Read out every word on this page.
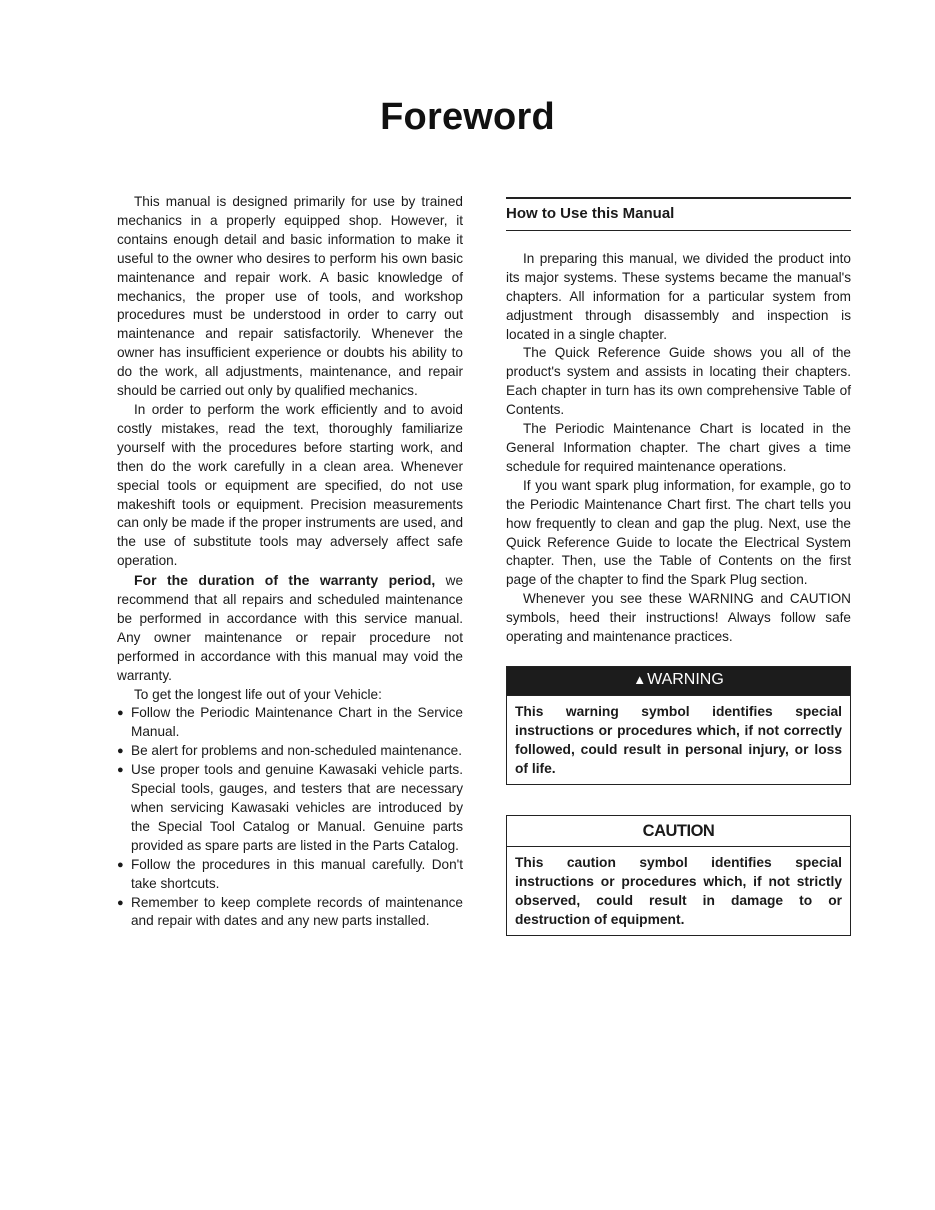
Foreword

This manual is designed primarily for use by trained mechanics in a properly equipped shop. However, it contains enough detail and basic information to make it useful to the owner who desires to perform his own basic maintenance and repair work. A basic knowledge of mechanics, the proper use of tools, and workshop procedures must be understood in order to carry out maintenance and repair satisfactorily. Whenever the owner has insufficient experience or doubts his ability to do the work, all adjustments, maintenance, and repair should be carried out only by qualified mechanics.

In order to perform the work efficiently and to avoid costly mistakes, read the text, thoroughly familiarize yourself with the procedures before starting work, and then do the work carefully in a clean area. Whenever special tools or equipment are specified, do not use makeshift tools or equipment. Precision measurements can only be made if the proper instruments are used, and the use of substitute tools may adversely affect safe operation.

For the duration of the warranty period, we recommend that all repairs and scheduled maintenance be performed in accordance with this service manual. Any owner maintenance or repair procedure not performed in accordance with this manual may void the warranty.

To get the longest life out of your Vehicle:

● Follow the Periodic Maintenance Chart in the Service Manual.
● Be alert for problems and non-scheduled maintenance.
● Use proper tools and genuine Kawasaki vehicle parts. Special tools, gauges, and testers that are necessary when servicing Kawasaki vehicles are introduced by the Special Tool Catalog or Manual. Genuine parts provided as spare parts are listed in the Parts Catalog.
● Follow the procedures in this manual carefully. Don't take shortcuts.
● Remember to keep complete records of maintenance and repair with dates and any new parts installed.
How to Use this Manual

In preparing this manual, we divided the product into its major systems. These systems became the manual's chapters. All information for a particular system from adjustment through disassembly and inspection is located in a single chapter.

The Quick Reference Guide shows you all of the product's system and assists in locating their chapters. Each chapter in turn has its own comprehensive Table of Contents.

The Periodic Maintenance Chart is located in the General Information chapter. The chart gives a time schedule for required maintenance operations.

If you want spark plug information, for example, go to the Periodic Maintenance Chart first. The chart tells you how frequently to clean and gap the plug. Next, use the Quick Reference Guide to locate the Electrical System chapter. Then, use the Table of Contents on the first page of the chapter to find the Spark Plug section.

Whenever you see these WARNING and CAUTION symbols, heed their instructions! Always follow safe operating and maintenance practices.

▲WARNING
This warning symbol identifies special instructions or procedures which, if not correctly followed, could result in personal injury, or loss of life.
CAUTION
This caution symbol identifies special instructions or procedures which, if not strictly observed, could result in damage to or destruction of equipment.
